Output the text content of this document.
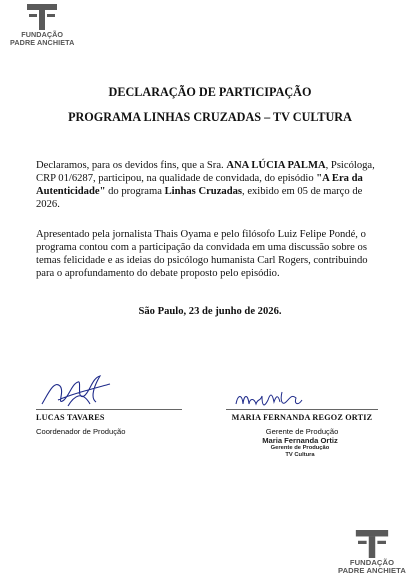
FUNDAÇÃO
PADRE ANCHIETA
DECLARAÇÃO DE PARTICIPAÇÃO
PROGRAMA LINHAS CRUZADAS – TV CULTURA

Declaramos, para os devidos fins, que a Sra. ANA LÚCIA PALMA, Psicóloga, CRP 01/6287, participou, na qualidade de convidada, do episódio "A Era da Autenticidade" do programa Linhas Cruzadas, exibido em 05 de março de 2026.

Apresentado pela jornalista Thais Oyama e pelo filósofo Luiz Felipe Pondé, o programa contou com a participação da convidada em uma discussão sobre os temas felicidade e as ideias do psicólogo humanista Carl Rogers, contribuindo para o aprofundamento do debate proposto pelo episódio.

São Paulo, 23 de junho de 2026.
LUCAS TAVARES
Coordenador de Produção
MARIA FERNANDA REGOZ ORTIZ
Gerente de Produção
Maria Fernanda Ortiz
Gerente de Produção
TV Cultura
FUNDAÇÃO
PADRE ANCHIETA
